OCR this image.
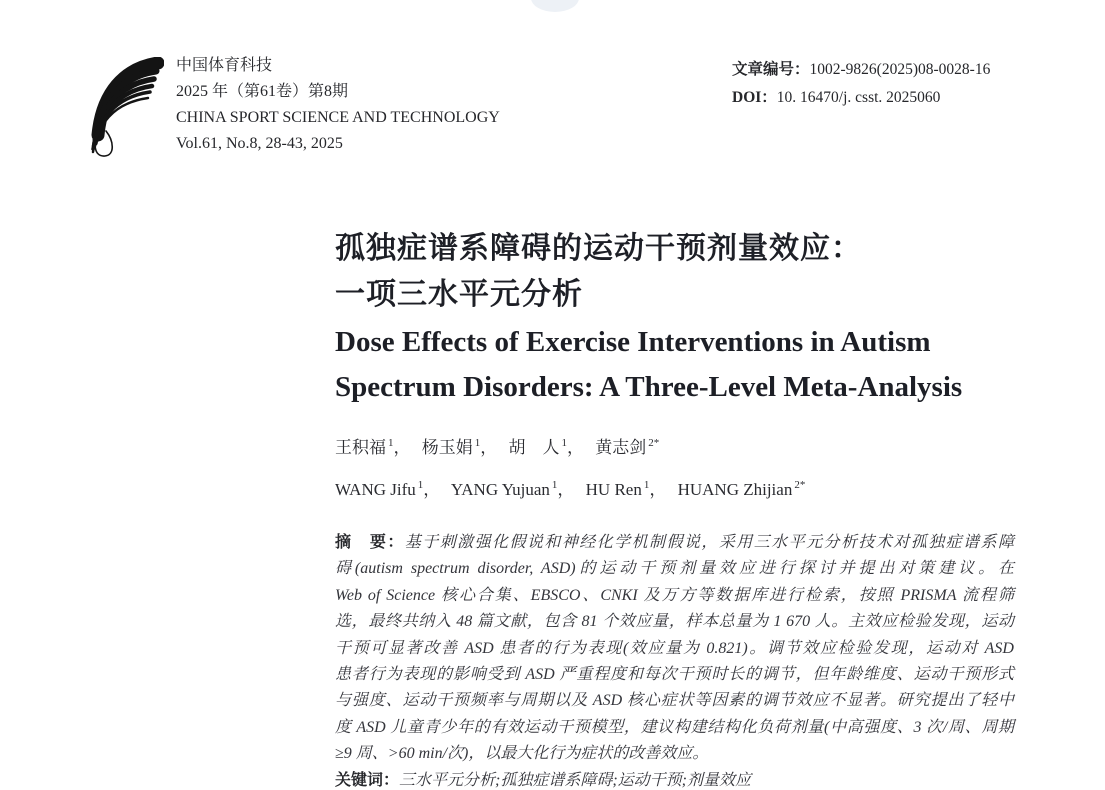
中国体育科技
2025 年（第61卷）第8期
CHINA SPORT SCIENCE AND TECHNOLOGY
Vol.61, No.8, 28-43, 2025
文章编号：1002-9826(2025)08-0028-16
DOI：10. 16470/j. csst. 2025060
孤独症谱系障碍的运动干预剂量效应：
一项三水平元分析
Dose Effects of Exercise Interventions in Autism
Spectrum Disorders: A Three-Level Meta-Analysis
王积福 $^1$， 杨玉娟 $^1$， 胡　人 $^1$， 黄志剑 $^{2*}$
WANG Jifu $^1$， YANG Yujuan $^1$， HU Ren $^1$， HUANG Zhijian $^{2*}$
摘　要：基于刺激强化假说和神经化学机制假说，采用三水平元分析技术对孤独症谱系障
碍(autism spectrum disorder, ASD)的运动干预剂量效应进行探讨并提出对策建议。在
Web of Science 核心合集、EBSCO、CNKI 及万方等数据库进行检索，按照 PRISMA 流程筛
选，最终共纳入 48 篇文献，包含 81 个效应量，样本总量为 1 670 人。主效应检验发现，运动
干预可显著改善 ASD 患者的行为表现(效应量为 0.821)。调节效应检验发现，运动对 ASD
患者行为表现的影响受到 ASD 严重程度和每次干预时长的调节，但年龄维度、运动干预形式
与强度、运动干预频率与周期以及 ASD 核心症状等因素的调节效应不显著。研究提出了轻中
度 ASD 儿童青少年的有效运动干预模型，建议构建结构化负荷剂量(中高强度、3 次/周、周期
≥9 周、>60 min/次)，以最大化行为症状的改善效应。
关键词：三水平元分析;孤独症谱系障碍;运动干预;剂量效应
